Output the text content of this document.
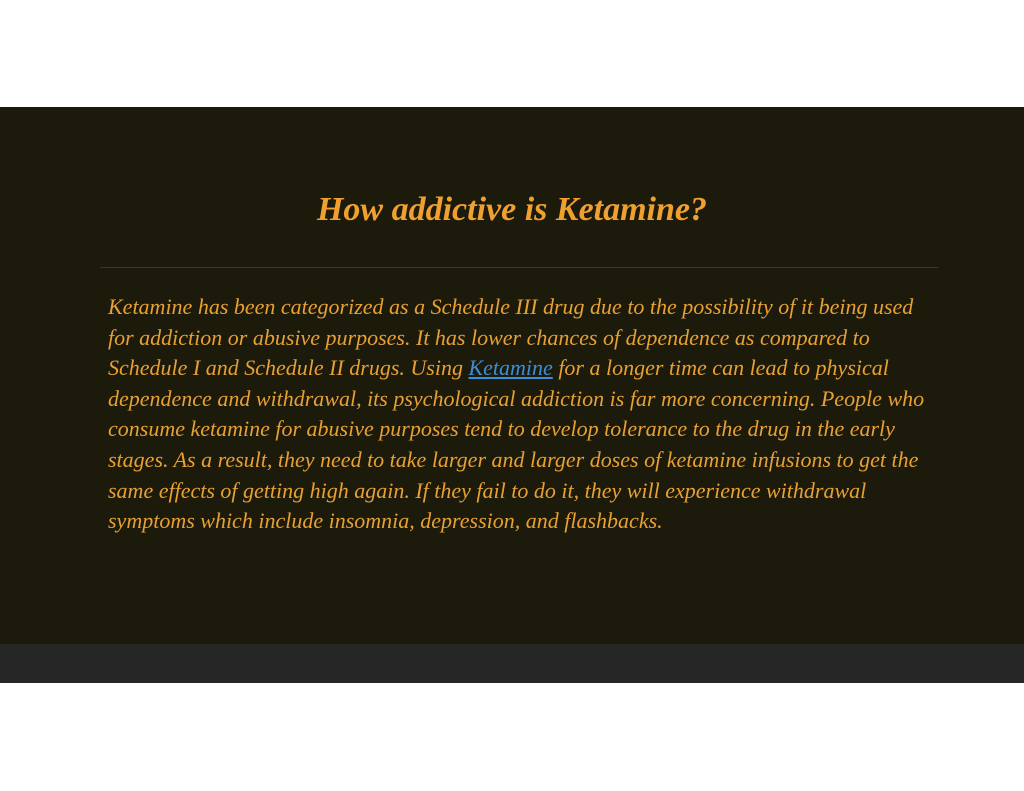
How addictive is Ketamine?

Ketamine has been categorized as a Schedule III drug due to the possibility of it being used for addiction or abusive purposes. It has lower chances of dependence as compared to Schedule I and Schedule II drugs. Using Ketamine for a longer time can lead to physical dependence and withdrawal, its psychological addiction is far more concerning. People who consume ketamine for abusive purposes tend to develop tolerance to the drug in the early stages. As a result, they need to take larger and larger doses of ketamine infusions to get the same effects of getting high again. If they fail to do it, they will experience withdrawal symptoms which include insomnia, depression, and flashbacks.
